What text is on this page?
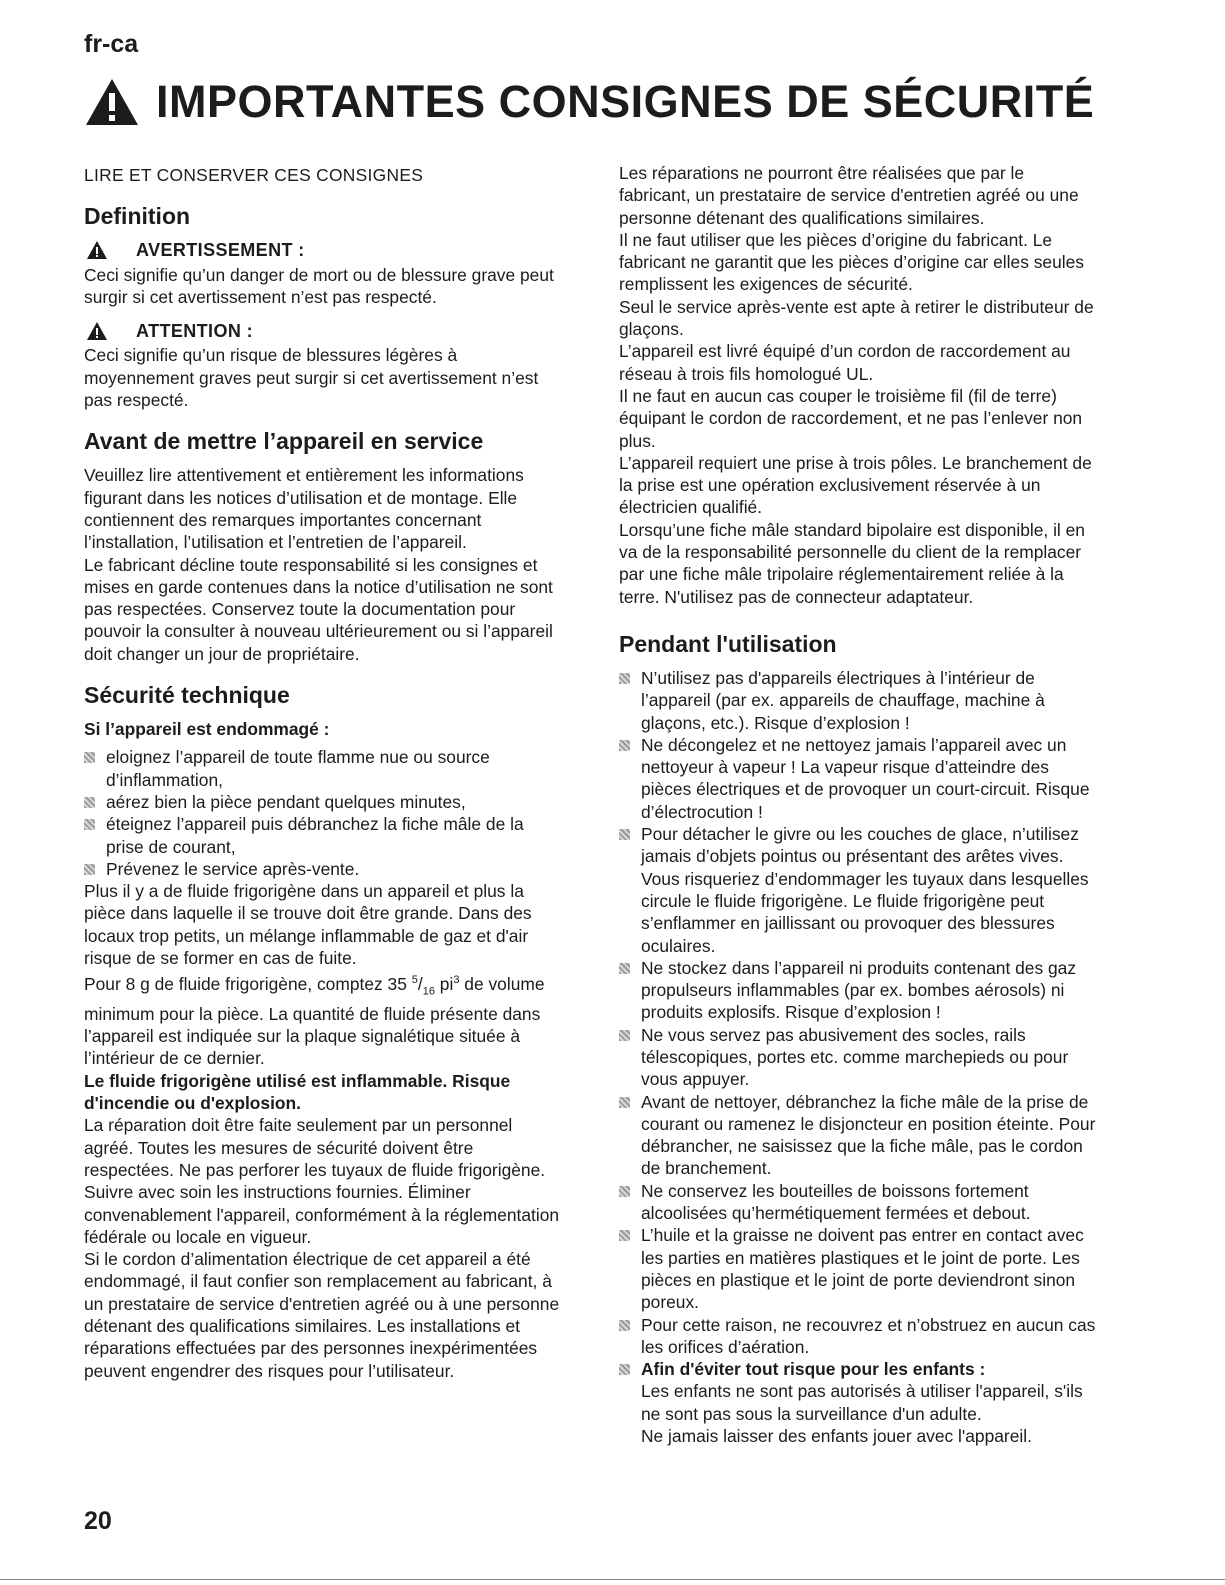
fr-ca
IMPORTANTES CONSIGNES DE SÉCURITÉ

LIRE ET CONSERVER CES CONSIGNES

Definition
AVERTISSEMENT :

Ceci signifie qu’un danger de mort ou de blessure grave peut surgir si cet avertissement n’est pas respecté.

ATTENTION :

Ceci signifie qu’un risque de blessures légères à moyennement graves peut surgir si cet avertissement n’est pas respecté.

Avant de mettre l’appareil en service

Veuillez lire attentivement et entièrement les informations figurant dans les notices d’utilisation et de montage. Elle contiennent des remarques importantes concernant l’installation, l’utilisation et l’entretien de l’appareil.

Le fabricant décline toute responsabilité si les consignes et mises en garde contenues dans la notice d’utilisation ne sont pas respectées. Conservez toute la documentation pour pouvoir la consulter à nouveau ultérieurement ou si l’appareil doit changer un jour de propriétaire.

Sécurité technique

Si l’appareil est endommagé :

eloignez l’appareil de toute flamme nue ou source d’inflammation,
aérez bien la pièce pendant quelques minutes,
éteignez l’appareil puis débranchez la fiche mâle de la prise de courant,
Prévenez le service après-vente.

Plus il y a de fluide frigorigène dans un appareil et plus la pièce dans laquelle il se trouve doit être grande. Dans des locaux trop petits, un mélange inflammable de gaz et d'air risque de se former en cas de fuite.

Pour 8 g de fluide frigorigène, comptez 35 $^5/_{16}$ $pi^3$ de volume minimum pour la pièce. La quantité de fluide présente dans l’appareil est indiquée sur la plaque signalétique située à l’intérieur de ce dernier.

Le fluide frigorigène utilisé est inflammable. Risque d'incendie ou d'explosion.

La réparation doit être faite seulement par un personnel agréé. Toutes les mesures de sécurité doivent être respectées. Ne pas perforer les tuyaux de fluide frigorigène. Suivre avec soin les instructions fournies. Éliminer convenablement l'appareil, conformément à la réglementation fédérale ou locale en vigueur.

Si le cordon d’alimentation électrique de cet appareil a été endommagé, il faut confier son remplacement au fabricant, à un prestataire de service d'entretien agréé ou à une personne détenant des qualifications similaires. Les installations et réparations effectuées par des personnes inexpérimentées peuvent engendrer des risques pour l’utilisateur.

Les réparations ne pourront être réalisées que par le fabricant, un prestataire de service d'entretien agréé ou une personne détenant des qualifications similaires.

Il ne faut utiliser que les pièces d’origine du fabricant. Le fabricant ne garantit que les pièces d’origine car elles seules remplissent les exigences de sécurité.

Seul le service après-vente est apte à retirer le distributeur de glaçons.

L’appareil est livré équipé d’un cordon de raccordement au réseau à trois fils homologué UL.

Il ne faut en aucun cas couper le troisième fil (fil de terre) équipant le cordon de raccordement, et ne pas l’enlever non plus.

L’appareil requiert une prise à trois pôles. Le branchement de la prise est une opération exclusivement réservée à un électricien qualifié.

Lorsqu’une fiche mâle standard bipolaire est disponible, il en va de la responsabilité personnelle du client de la remplacer par une fiche mâle tripolaire réglementairement reliée à la terre. N'utilisez pas de connecteur adaptateur.

Pendant l'utilisation
N’utilisez pas d'appareils électriques à l’intérieur de l’appareil (par ex. appareils de chauffage, machine à glaçons, etc.). Risque d’explosion !
Ne décongelez et ne nettoyez jamais l’appareil avec un nettoyeur à vapeur ! La vapeur risque d’atteindre des pièces électriques et de provoquer un court-circuit. Risque d’électrocution !
Pour détacher le givre ou les couches de glace, n’utilisez jamais d’objets pointus ou présentant des arêtes vives. Vous risqueriez d’endommager les tuyaux dans lesquelles circule le fluide frigorigène. Le fluide frigorigène peut s’enflammer en jaillissant ou provoquer des blessures oculaires.
Ne stockez dans l’appareil ni produits contenant des gaz propulseurs inflammables (par ex. bombes aérosols) ni produits explosifs. Risque d’explosion !
Ne vous servez pas abusivement des socles, rails télescopiques, portes etc. comme marchepieds ou pour vous appuyer.
Avant de nettoyer, débranchez la fiche mâle de la prise de courant ou ramenez le disjoncteur en position éteinte. Pour débrancher, ne saisissez que la fiche mâle, pas le cordon de branchement.
Ne conservez les bouteilles de boissons fortement alcoolisées qu’hermétiquement fermées et debout.
L’huile et la graisse ne doivent pas entrer en contact avec les parties en matières plastiques et le joint de porte. Les pièces en plastique et le joint de porte deviendront sinon poreux.
Pour cette raison, ne recouvrez et n’obstruez en aucun cas les orifices d’aération.
Afin d'éviter tout risque pour les enfants :

Les enfants ne sont pas autorisés à utiliser l'appareil, s'ils ne sont pas sous la surveillance d'un adulte.

Ne jamais laisser des enfants jouer avec l'appareil.

20
